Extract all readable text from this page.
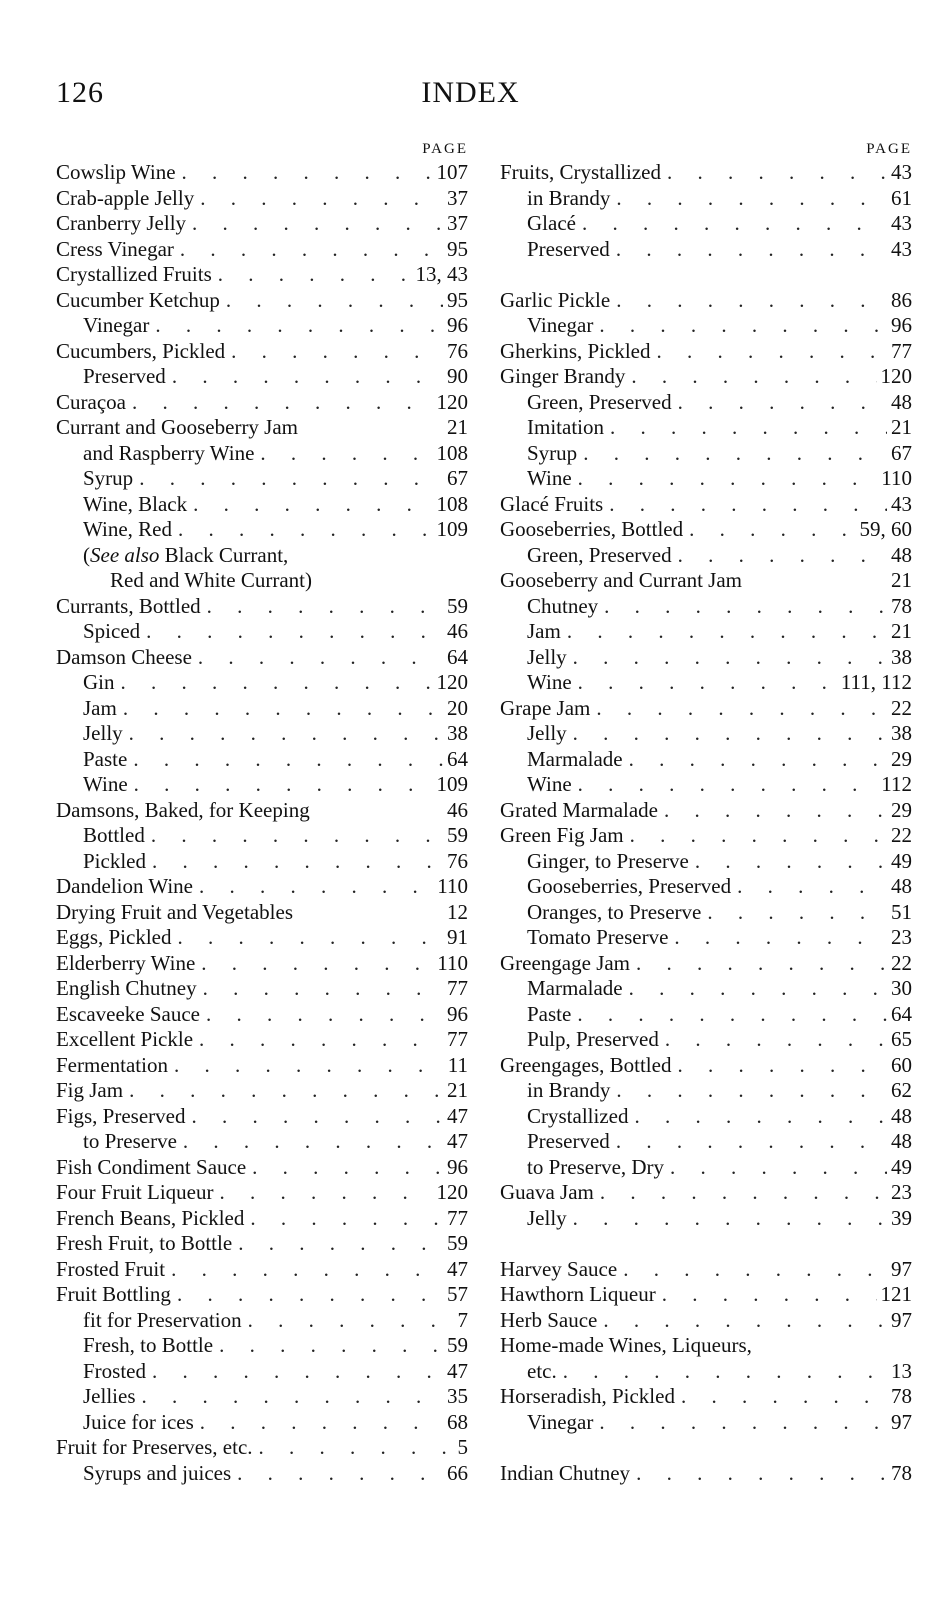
126	INDEX
PAGE
Cowslip Wine . . .	107
Crab-apple Jelly . . .	37
Cranberry Jelly . . .	37
Cress Vinegar . . .	95
Crystallized Fruits . . .	13, 43
Cucumber Ketchup . . .	95
Vinegar . . .	96
Cucumbers, Pickled . . .	76
Preserved . . .	90
Curaçoa . . .	120
Currant and Gooseberry Jam	21
and Raspberry Wine . . .	108
Syrup . . .	67
Wine, Black . . .	108
Wine, Red . . .	109
(See also Black Currant,
Red and White Currant)
Currants, Bottled . . .	59
Spiced . . .	46
Damson Cheese . . .	64
Gin . . .	120
Jam . . .	20
Jelly . . .	38
Paste . . .	64
Wine . . .	109
Damsons, Baked, for Keeping	46
Bottled . . .	59
Pickled . . .	76
Dandelion Wine . . .	110
Drying Fruit and Vegetables	12
Eggs, Pickled . . .	91
Elderberry Wine . . .	110
English Chutney . . .	77
Escaveeke Sauce . . .	96
Excellent Pickle . . .	77
Fermentation . . .	11
Fig Jam . . .	21
Figs, Preserved . . .	47
to Preserve . . .	47
Fish Condiment Sauce . . .	96
Four Fruit Liqueur . . .	120
French Beans, Pickled . . .	77
Fresh Fruit, to Bottle . . .	59
Frosted Fruit . . .	47
Fruit Bottling . . .	57
fit for Preservation . . .	7
Fresh, to Bottle . . .	59
Frosted . . .	47
Jellies . . .	35
Juice for ices . . .	68
Fruit for Preserves, etc. . . .	5
Syrups and juices . . .	66
PAGE
Fruits, Crystallized . . .	43
in Brandy . . .	61
Glacé . . .	43
Preserved . . .	43
Garlic Pickle . . .	86
Vinegar . . .	96
Gherkins, Pickled . . .	77
Ginger Brandy . . .	120
Green, Preserved . . .	48
Imitation . . .	21
Syrup . . .	67
Wine . . .	110
Glacé Fruits . . .	43
Gooseberries, Bottled . . .	59, 60
Green, Preserved . . .	48
Gooseberry and Currant Jam	21
Chutney . . .	78
Jam . . .	21
Jelly . . .	38
Wine . . .	111, 112
Grape Jam . . .	22
Jelly . . .	38
Marmalade . . .	29
Wine . . .	112
Grated Marmalade . . .	29
Green Fig Jam . . .	22
Ginger, to Preserve . . .	49
Gooseberries, Preserved . . .	48
Oranges, to Preserve . . .	51
Tomato Preserve . . .	23
Greengage Jam . . .	22
Marmalade . . .	30
Paste . . .	64
Pulp, Preserved . . .	65
Greengages, Bottled . . .	60
in Brandy . . .	62
Crystallized . . .	48
Preserved . . .	48
to Preserve, Dry . . .	49
Guava Jam . . .	23
Jelly . . .	39
Harvey Sauce . . .	97
Hawthorn Liqueur . . .	121
Herb Sauce . . .	97
Home-made Wines, Liqueurs,
etc. . . .	13
Horseradish, Pickled . . .	78
Vinegar . . .	97
Indian Chutney . . .	78
